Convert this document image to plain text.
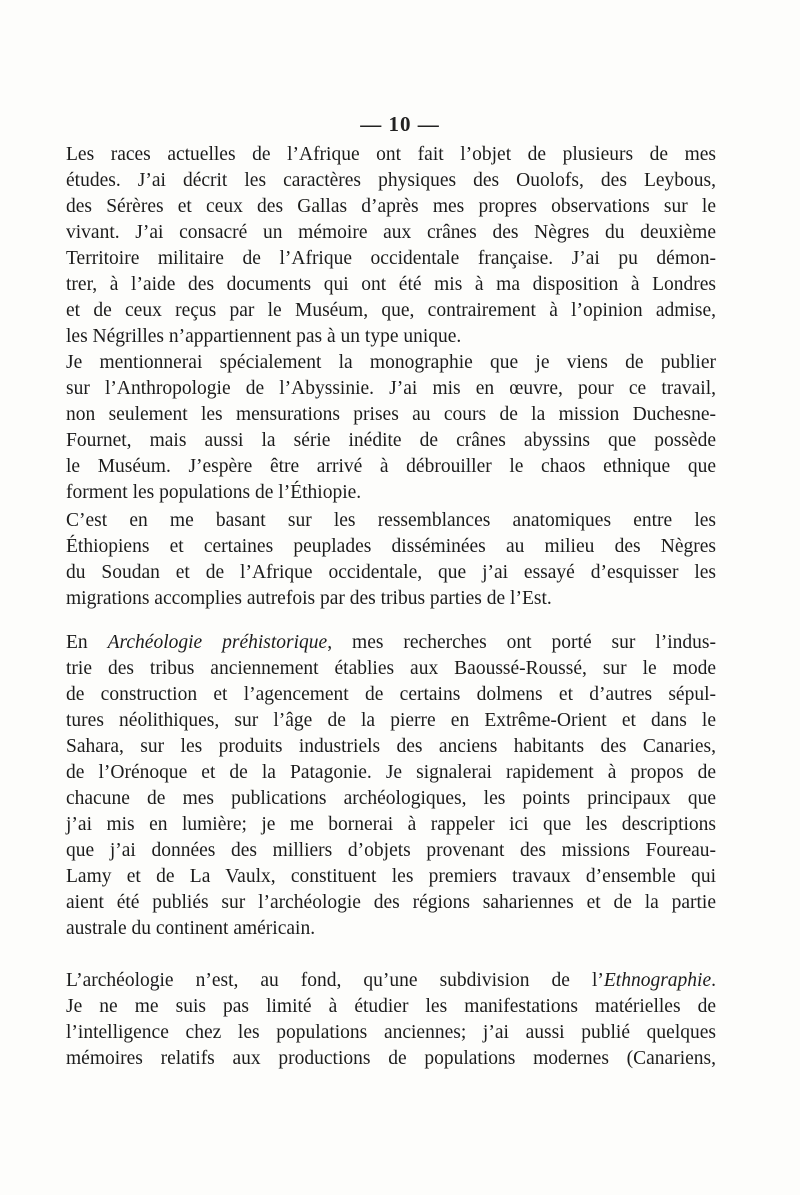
— 10 —
Les races actuelles de l’Afrique ont fait l’objet de plusieurs de mes
études. J’ai décrit les caractères physiques des Ouolofs, des Leybous,
des Sérères et ceux des Gallas d’après mes propres observations sur le
vivant. J’ai consacré un mémoire aux crânes des Nègres du deuxième
Territoire militaire de l’Afrique occidentale française. J’ai pu démon-
trer, à l’aide des documents qui ont été mis à ma disposition à Londres
et de ceux reçus par le Muséum, que, contrairement à l’opinion admise,
les Négrilles n’appartiennent pas à un type unique.
Je mentionnerai spécialement la monographie que je viens de publier
sur l’Anthropologie de l’Abyssinie. J’ai mis en œuvre, pour ce travail,
non seulement les mensurations prises au cours de la mission Duchesne-
Fournet, mais aussi la série inédite de crânes abyssins que possède
le Muséum. J’espère être arrivé à débrouiller le chaos ethnique que
forment les populations de l’Éthiopie.
C’est en me basant sur les ressemblances anatomiques entre les
Éthiopiens et certaines peuplades disséminées au milieu des Nègres
du Soudan et de l’Afrique occidentale, que j’ai essayé d’esquisser les
migrations accomplies autrefois par des tribus parties de l’Est.
En Archéologie préhistorique, mes recherches ont porté sur l’indus-
trie des tribus anciennement établies aux Baoussé-Roussé, sur le mode
de construction et l’agencement de certains dolmens et d’autres sépul-
tures néolithiques, sur l’âge de la pierre en Extrême-Orient et dans le
Sahara, sur les produits industriels des anciens habitants des Canaries,
de l’Orénoque et de la Patagonie. Je signalerai rapidement à propos de
chacune de mes publications archéologiques, les points principaux que
j’ai mis en lumière; je me bornerai à rappeler ici que les descriptions
que j’ai données des milliers d’objets provenant des missions Foureau-
Lamy et de La Vaulx, constituent les premiers travaux d’ensemble qui
aient été publiés sur l’archéologie des régions sahariennes et de la partie
australe du continent américain.
L’archéologie n’est, au fond, qu’une subdivision de l’Ethnographie.
Je ne me suis pas limité à étudier les manifestations matérielles de
l’intelligence chez les populations anciennes; j’ai aussi publié quelques
mémoires relatifs aux productions de populations modernes (Canariens,
